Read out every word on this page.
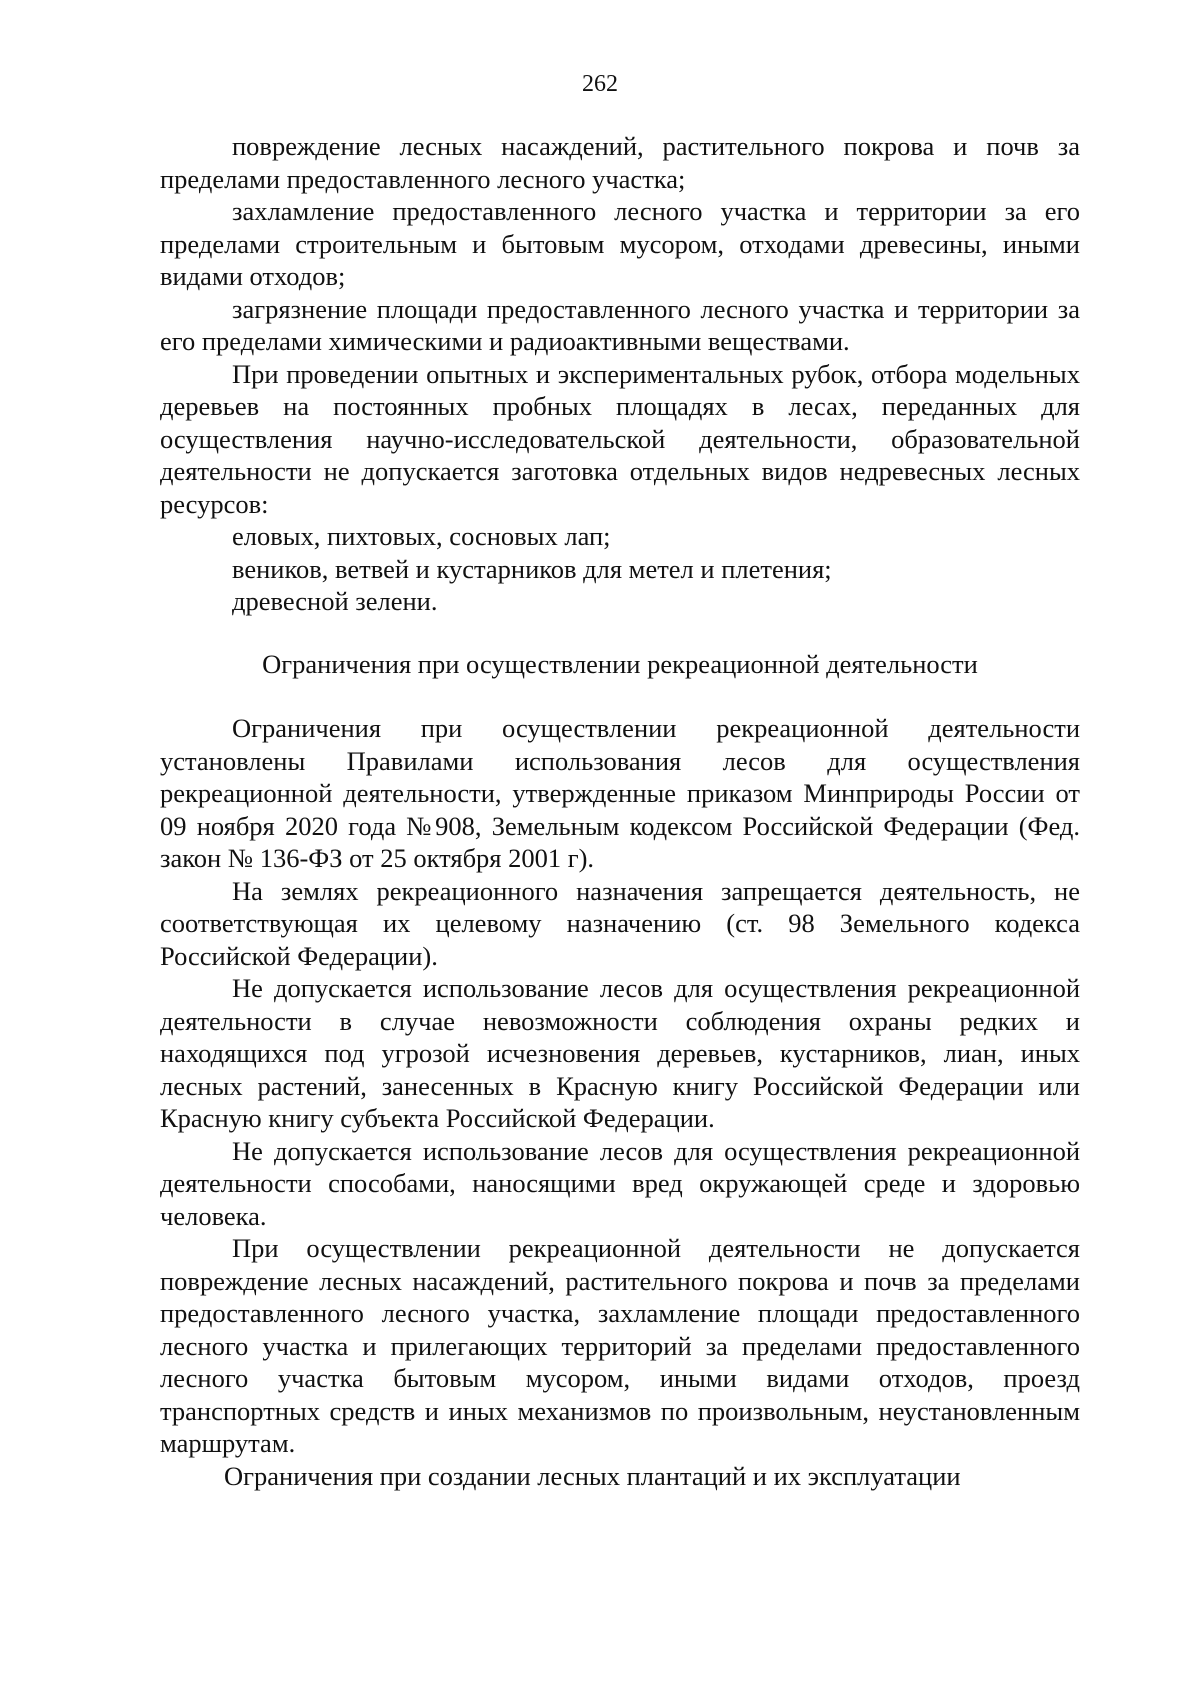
262

повреждение лесных насаждений, растительного покрова и почв за пределами предоставленного лесного участка;

захламление предоставленного лесного участка и территории за его пределами строительным и бытовым мусором, отходами древесины, иными видами отходов;

загрязнение площади предоставленного лесного участка и территории за его пределами химическими и радиоактивными веществами.

При проведении опытных и экспериментальных рубок, отбора модельных деревьев на постоянных пробных площадях в лесах, переданных для осуществления научно-исследовательской деятельности, образовательной деятельности не допускается заготовка отдельных видов недревесных лесных ресурсов:

еловых, пихтовых, сосновых лап;

веников, ветвей и кустарников для метел и плетения;

древесной зелени.

Ограничения при осуществлении рекреационной деятельности

Ограничения при осуществлении рекреационной деятельности установлены Правилами использования лесов для осуществления рекреационной деятельности, утвержденные приказом Минприроды России от 09 ноября 2020 года №908, Земельным кодексом Российской Федерации (Фед. закон № 136-ФЗ от 25 октября 2001 г).

На землях рекреационного назначения запрещается деятельность, не соответствующая их целевому назначению (ст. 98 Земельного кодекса Российской Федерации).

Не допускается использование лесов для осуществления рекреационной деятельности в случае невозможности соблюдения охраны редких и находящихся под угрозой исчезновения деревьев, кустарников, лиан, иных лесных растений, занесенных в Красную книгу Российской Федерации или Красную книгу субъекта Российской Федерации.

Не допускается использование лесов для осуществления рекреационной деятельности способами, наносящими вред окружающей среде и здоровью человека.

При осуществлении рекреационной деятельности не допускается повреждение лесных насаждений, растительного покрова и почв за пределами предоставленного лесного участка, захламление площади предоставленного лесного участка и прилегающих территорий за пределами предоставленного лесного участка бытовым мусором, иными видами отходов, проезд транспортных средств и иных механизмов по произвольным, неустановленным маршрутам.

Ограничения при создании лесных плантаций и их эксплуатации
